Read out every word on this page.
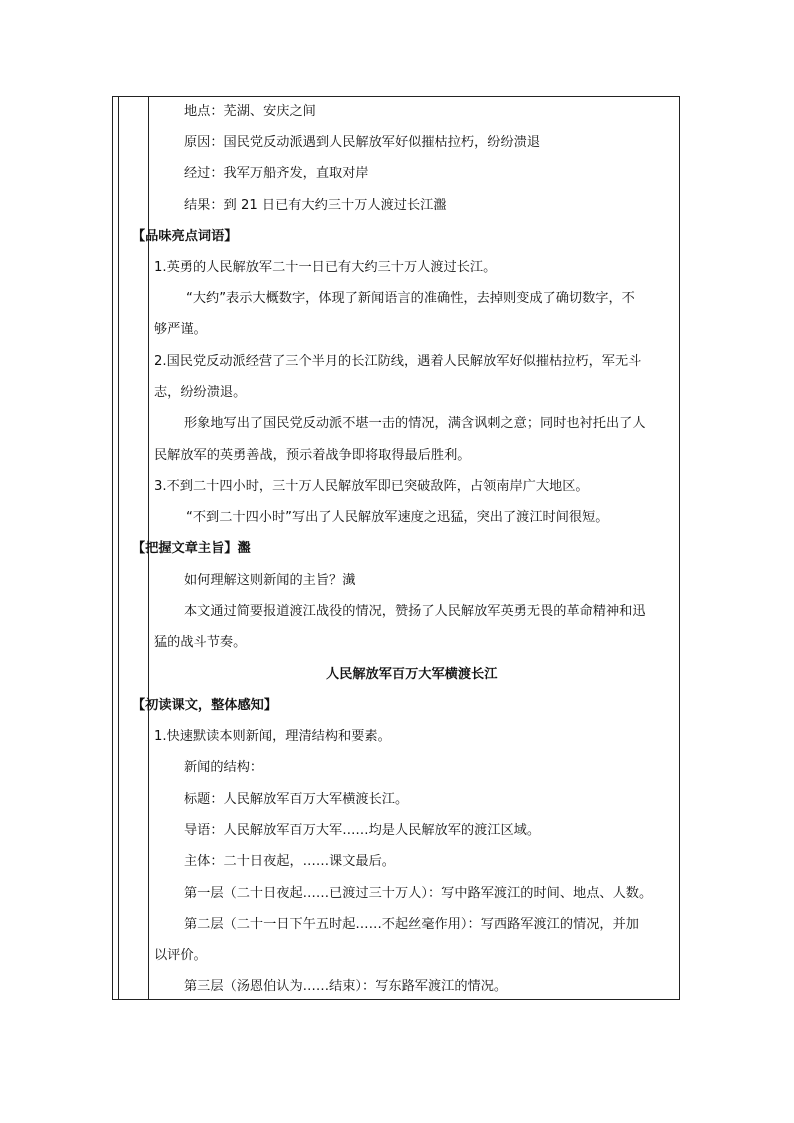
地点：芜湖、安庆之间
原因：国民党反动派遇到人民解放军好似摧枯拉朽，纷纷溃退
经过：我军万船齐发，直取对岸
结果：到 21 日已有大约三十万人渡过长江瀊
【品味亮点词语】
1.英勇的人民解放军二十一日已有大约三十万人渡过长江。
“大约”表示大概数字，体现了新闻语言的准确性，去掉则变成了确切数字，不
够严谨。
2.国民党反动派经营了三个半月的长江防线，遇着人民解放军好似摧枯拉朽，军无斗
志，纷纷溃退。
形象地写出了国民党反动派不堪一击的情况，满含讽刺之意；同时也衬托出了人
民解放军的英勇善战，预示着战争即将取得最后胜利。
3.不到二十四小时，三十万人民解放军即已突破敌阵，占领南岸广大地区。
“不到二十四小时”写出了人民解放军速度之迅猛，突出了渡江时间很短。
【把握文章主旨】瀊
如何理解这则新闻的主旨？瀐
本文通过简要报道渡江战役的情况，赞扬了人民解放军英勇无畏的革命精神和迅
猛的战斗节奏。
人民解放军百万大军横渡长江
【初读课文，整体感知】
1.快速默读本则新闻，理清结构和要素。
新闻的结构：
标题：人民解放军百万大军横渡长江。
导语：人民解放军百万大军……均是人民解放军的渡江区域。
主体：二十日夜起，……课文最后。
第一层（二十日夜起……已渡过三十万人）：写中路军渡江的时间、地点、人数。
第二层（二十一日下午五时起……不起丝毫作用）：写西路军渡江的情况，并加
以评价。
第三层（汤恩伯认为……结束）：写东路军渡江的情况。
